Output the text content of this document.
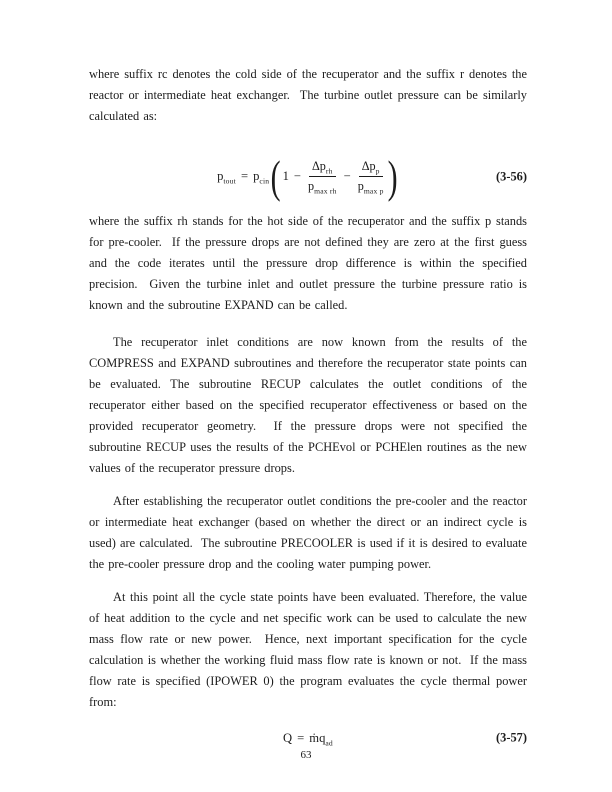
where suffix rc denotes the cold side of the recuperator and the suffix r denotes the reactor or intermediate heat exchanger.  The turbine outlet pressure can be similarly calculated as:

$p_{tout} = p_{cin}$ ( $1 - \frac{\Delta p_{rh}}{p_{max rh}} - \frac{\Delta p_p}{p_{max p}}$ )	(3-56)

where the suffix rh stands for the hot side of the recuperator and the suffix p stands for pre-cooler.  If the pressure drops are not defined they are zero at the first guess and the code iterates until the pressure drop difference is within the specified precision.  Given the turbine inlet and outlet pressure the turbine pressure ratio is known and the subroutine EXPAND can be called.

The recuperator inlet conditions are now known from the results of the COMPRESS and EXPAND subroutines and therefore the recuperator state points can be evaluated. The subroutine RECUP calculates the outlet conditions of the recuperator either based on the specified recuperator effectiveness or based on the provided recuperator geometry.  If the pressure drops were not specified the subroutine RECUP uses the results of the PCHEvol or PCHElen routines as the new values of the recuperator pressure drops.

After establishing the recuperator outlet conditions the pre-cooler and the reactor or intermediate heat exchanger (based on whether the direct or an indirect cycle is used) are calculated.  The subroutine PRECOOLER is used if it is desired to evaluate the pre-cooler pressure drop and the cooling water pumping power.

At this point all the cycle state points have been evaluated. Therefore, the value of heat addition to the cycle and net specific work can be used to calculate the new mass flow rate or new power.  Hence, next important specification for the cycle calculation is whether the working fluid mass flow rate is known or not.  If the mass flow rate is specified (IPOWER 0) the program evaluates the cycle thermal power from:

Q = ṁq$_{ad}$	(3-57)
63
